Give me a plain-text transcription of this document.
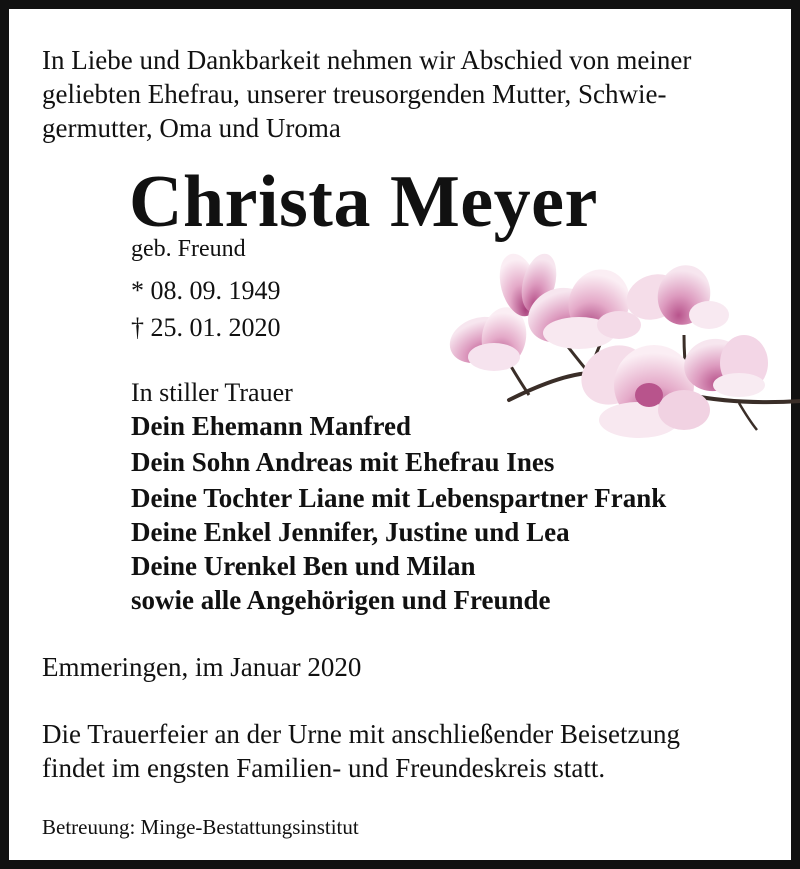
In Liebe und Dankbarkeit nehmen wir Abschied von meiner
geliebten Ehefrau, unserer treusorgenden Mutter, Schwie-
germutter, Oma und Uroma
Christa Meyer
geb. Freund
* 08. 09. 1949
† 25. 01. 2020
In stiller Trauer
Dein Ehemann Manfred
Dein Sohn Andreas mit Ehefrau Ines
Deine Tochter Liane mit Lebenspartner Frank
Deine Enkel Jennifer, Justine und Lea
Deine Urenkel Ben und Milan
sowie alle Angehörigen und Freunde
Emmeringen, im Januar 2020
Die Trauerfeier an der Urne mit anschließender Beisetzung
findet im engsten Familien- und Freundeskreis statt.
Betreuung: Minge-Bestattungsinstitut
